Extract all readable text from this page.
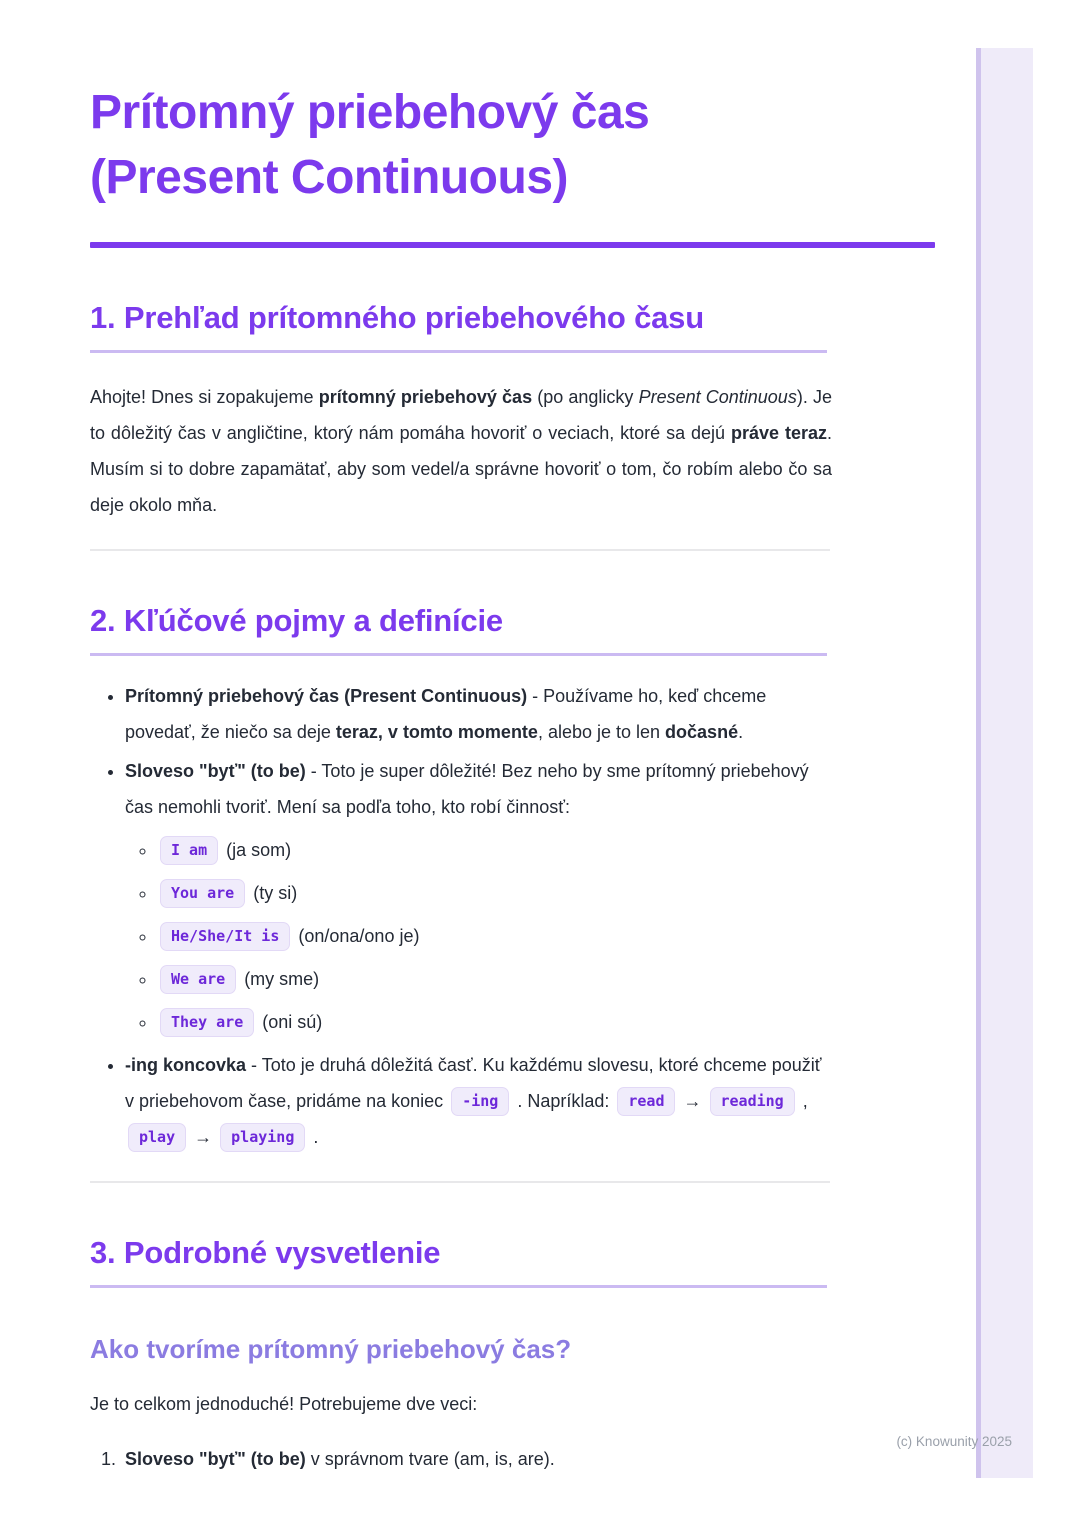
(c) Knowunity 2025
Prítomný priebehový čas
(Present Continuous)
1. Prehľad prítomného priebehového času

Ahojte! Dnes si zopakujeme prítomný priebehový čas (po anglicky Present Continuous). Je to dôležitý čas v angličtine, ktorý nám pomáha hovoriť o veciach, ktoré sa dejú práve teraz. Musím si to dobre zapamätať, aby som vedel/a správne hovoriť o tom, čo robím alebo čo sa deje okolo mňa.

2. Kľúčové pojmy a definície
• Prítomný priebehový čas (Present Continuous) - Používame ho, keď chceme povedať, že niečo sa deje teraz, v tomto momente, alebo je to len dočasné.
• Sloveso "byť" (to be) - Toto je super dôležité! Bez neho by sme prítomný priebehový čas nemohli tvoriť. Mení sa podľa toho, kto robí činnosť:
◦ I am (ja som)
◦ You are (ty si)
◦ He/She/It is (on/ona/ono je)
◦ We are (my sme)
◦ They are (oni sú)
• -ing koncovka - Toto je druhá dôležitá časť. Ku každému slovesu, ktoré chceme použiť v priebehovom čase, pridáme na koniec -ing . Napríklad: read → reading , play → playing .
3. Podrobné vysvetlenie
Ako tvoríme prítomný priebehový čas?

Je to celkom jednoduché! Potrebujeme dve veci:

1. Sloveso "byť" (to be) v správnom tvare (am, is, are).
